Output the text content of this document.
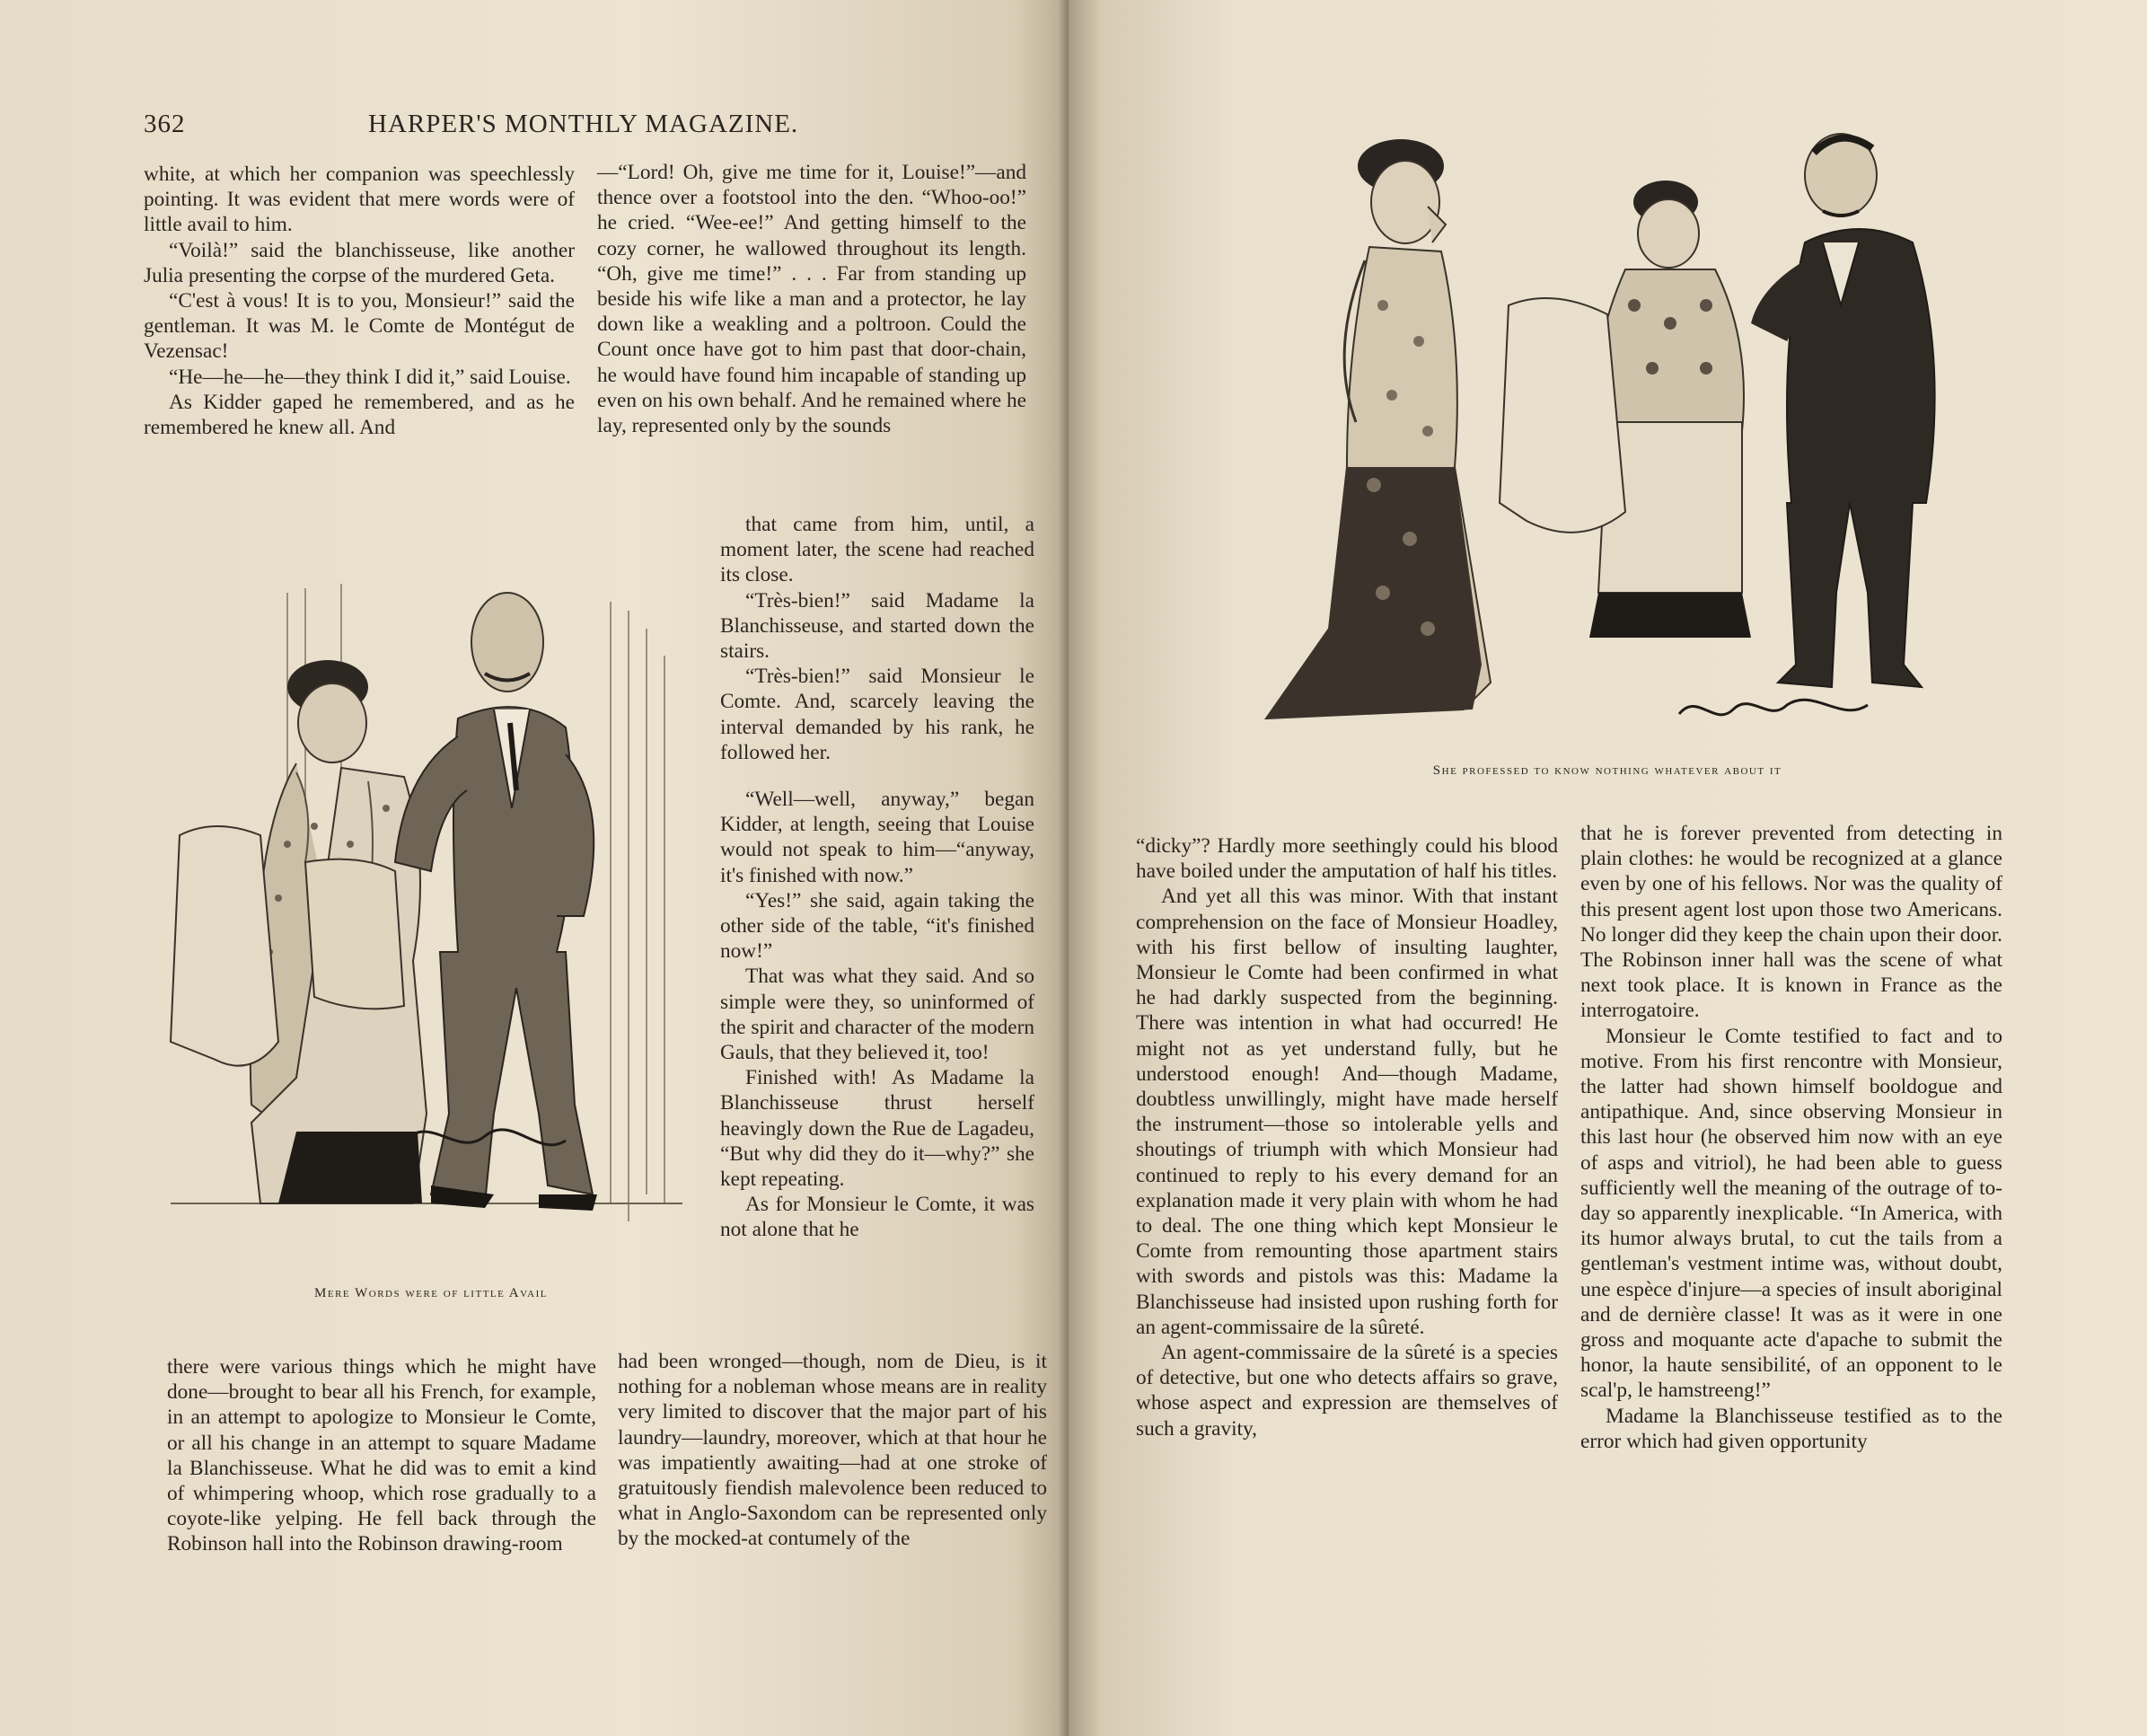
362	HARPER'S MONTHLY MAGAZINE.

white, at which her companion was speechlessly pointing. It was evident that mere words were of little avail to him.

“Voilà!” said the blanchisseuse, like another Julia presenting the corpse of the murdered Geta.

“C'est à vous! It is to you, Monsieur!” said the gentleman. It was M. le Comte de Montégut de Vezensac!

“He—he—he—they think I did it,” said Louise.

As Kidder gaped he remembered, and as he remembered he knew all. And

—“Lord! Oh, give me time for it, Louise!”—and thence over a footstool into the den. “Whoo-oo!” he cried. “Wee-ee!” And getting himself to the cozy corner, he wallowed throughout its length. “Oh, give me time!” . . . Far from standing up beside his wife like a man and a protector, he lay down like a weakling and a poltroon. Could the Count once have got to him past that door-chain, he would have found him incapable of standing up even on his own behalf. And he remained where he lay, represented only by the sounds

that came from him, until, a moment later, the scene had reached its close.

“Très-bien!” said Madame la Blanchisseuse, and started down the stairs.

“Très-bien!” said Monsieur le Comte. And, scarcely leaving the interval demanded by his rank, he followed her.

“Well—well, anyway,” began Kidder, at length, seeing that Louise would not speak to him—“anyway, it's finished with now.”

“Yes!” she said, again taking the other side of the table, “it's finished now!”

That was what they said. And so simple were they, so uninformed of the spirit and character of the modern Gauls, that they believed it, too!

Finished with! As Madame la Blanchisseuse thrust herself heavingly down the Rue de Lagadeu, “But why did they do it—why?” she kept repeating.

As for Monsieur le Comte, it was not alone that he

Mere Words were of little Avail

there were various things which he might have done—brought to bear all his French, for example, in an attempt to apologize to Monsieur le Comte, or all his change in an attempt to square Madame la Blanchisseuse. What he did was to emit a kind of whimpering whoop, which rose gradually to a coyote-like yelping. He fell back through the Robinson hall into the Robinson drawing-room

had been wronged—though, nom de Dieu, is it nothing for a nobleman whose means are in reality very limited to discover that the major part of his laundry—laundry, moreover, which at that hour he was impatiently awaiting—had at one stroke of gratuitously fiendish malevolence been reduced to what in Anglo-Saxondom can be represented only by the mocked-at contumely of the

She professed to know nothing whatever about it

“dicky”? Hardly more seethingly could his blood have boiled under the amputation of half his titles.

And yet all this was minor. With that instant comprehension on the face of Monsieur Hoadley, with his first bellow of insulting laughter, Monsieur le Comte had been confirmed in what he had darkly suspected from the beginning. There was intention in what had occurred! He might not as yet understand fully, but he understood enough! And—though Madame, doubtless unwillingly, might have made herself the instrument—those so intolerable yells and shoutings of triumph with which Monsieur had continued to reply to his every demand for an explanation made it very plain with whom he had to deal. The one thing which kept Monsieur le Comte from remounting those apartment stairs with swords and pistols was this: Madame la Blanchisseuse had insisted upon rushing forth for an agent-commissaire de la sûreté.

An agent-commissaire de la sûreté is a species of detective, but one who detects affairs so grave, whose aspect and expression are themselves of such a gravity,

that he is forever prevented from detecting in plain clothes: he would be recognized at a glance even by one of his fellows. Nor was the quality of this present agent lost upon those two Americans. No longer did they keep the chain upon their door. The Robinson inner hall was the scene of what next took place. It is known in France as the interrogatoire.

Monsieur le Comte testified to fact and to motive. From his first rencontre with Monsieur, the latter had shown himself booldogue and antipathique. And, since observing Monsieur in this last hour (he observed him now with an eye of asps and vitriol), he had been able to guess sufficiently well the meaning of the outrage of to-day so apparently inexplicable. “In America, with its humor always brutal, to cut the tails from a gentleman's vestment intime was, without doubt, une espèce d'injure—a species of insult aboriginal and de dernière classe! It was as it were in one gross and moquante acte d'apache to submit the honor, la haute sensibilité, of an opponent to le scal'p, le hamstreeng!”

Madame la Blanchisseuse testified as to the error which had given opportunity
